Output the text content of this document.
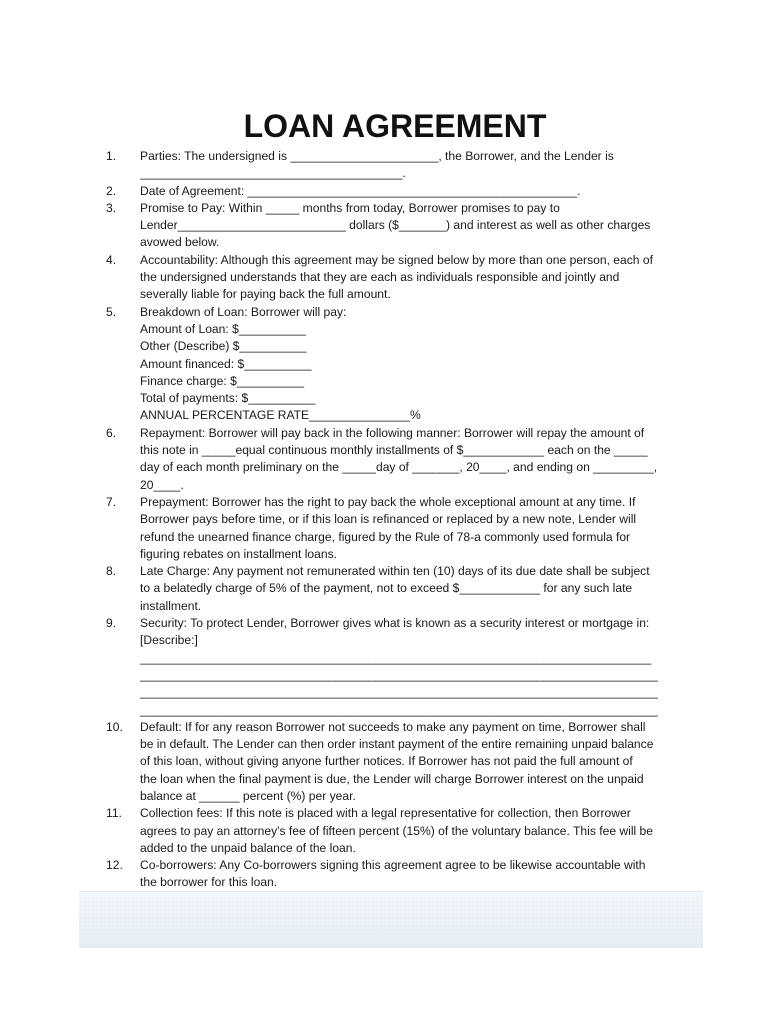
LOAN AGREEMENT
1.	Parties: The undersigned is ______________________, the Borrower, and the Lender is
_______________________________________.
2.	Date of Agreement: _________________________________________________.
3.	Promise to Pay: Within _____ months from today, Borrower promises to pay to
Lender_________________________ dollars ($_______) and interest as well as other charges
avowed below.
4.	Accountability: Although this agreement may be signed below by more than one person, each of
the undersigned understands that they are each as individuals responsible and jointly and
severally liable for paying back the full amount.
5.	Breakdown of Loan: Borrower will pay:
Amount of Loan: $__________
Other (Describe) $__________
Amount financed: $__________
Finance charge: $__________
Total of payments: $__________
ANNUAL PERCENTAGE RATE_______________%
6.	Repayment: Borrower will pay back in the following manner: Borrower will repay the amount of
this note in _____equal continuous monthly installments of $____________ each on the _____
day of each month preliminary on the _____day of _______, 20____, and ending on _________,
20____.
7.	Prepayment: Borrower has the right to pay back the whole exceptional amount at any time. If
Borrower pays before time, or if this loan is refinanced or replaced by a new note, Lender will
refund the unearned finance charge, figured by the Rule of 78-a commonly used formula for
figuring rebates on installment loans.
8.	Late Charge: Any payment not remunerated within ten (10) days of its due date shall be subject
to a belatedly charge of 5% of the payment, not to exceed $____________ for any such late
installment.
9.	Security: To protect Lender, Borrower gives what is known as a security interest or mortgage in:
[Describe:]
____________________________________________________________________________
_____________________________________________________________________________
_____________________________________________________________________________
_____________________________________________________________________________
10.	Default: If for any reason Borrower not succeeds to make any payment on time, Borrower shall
be in default. The Lender can then order instant payment of the entire remaining unpaid balance
of this loan, without giving anyone further notices. If Borrower has not paid the full amount of
the loan when the final payment is due, the Lender will charge Borrower interest on the unpaid
balance at ______ percent (%) per year.
11.	Collection fees: If this note is placed with a legal representative for collection, then Borrower
agrees to pay an attorney's fee of fifteen percent (15%) of the voluntary balance. This fee will be
added to the unpaid balance of the loan.
12.	Co-borrowers: Any Co-borrowers signing this agreement agree to be likewise accountable with
the borrower for this loan.
